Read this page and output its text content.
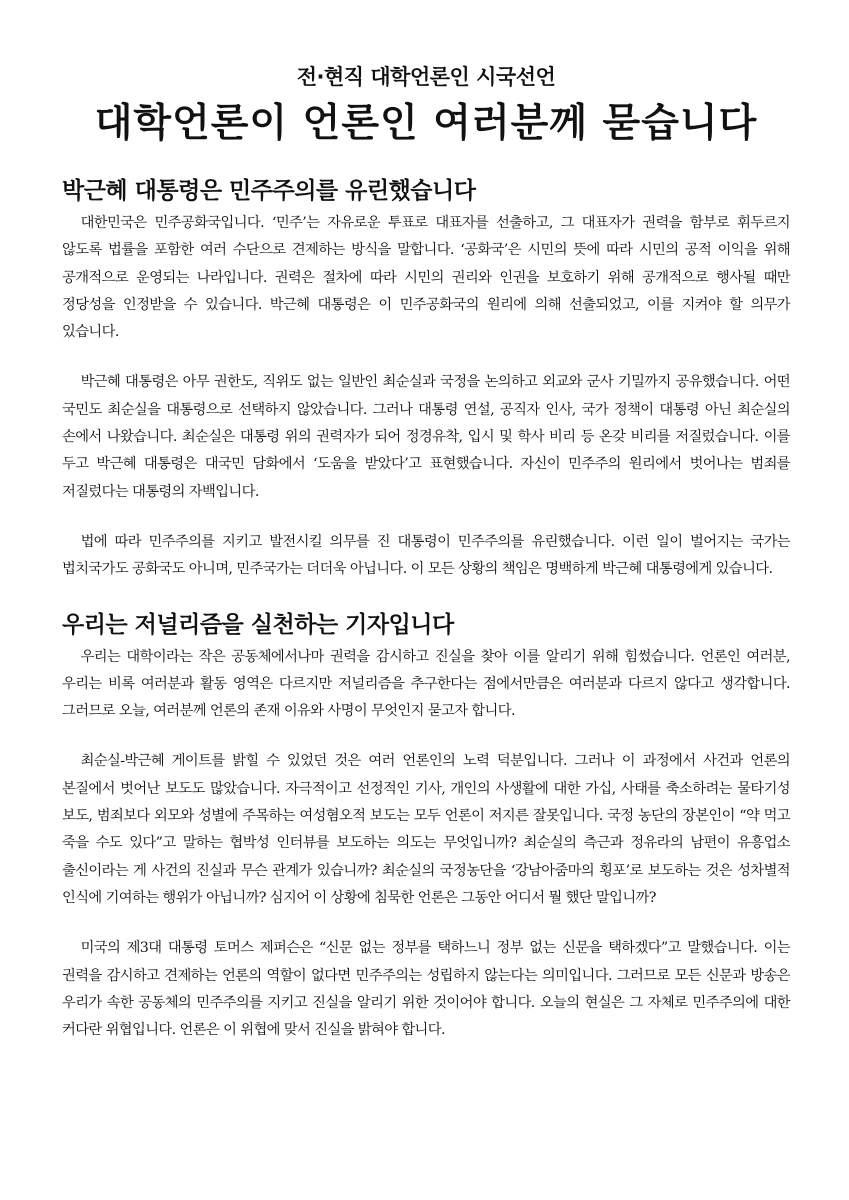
전·현직 대학언론인 시국선언
대학언론이 언론인 여러분께 묻습니다
박근혜 대통령은 민주주의를 유린했습니다

대한민국은 민주공화국입니다. ‘민주’는 자유로운 투표로 대표자를 선출하고, 그 대표자가 권력을 함부로 휘두르지 않도록 법률을 포함한 여러 수단으로 견제하는 방식을 말합니다. ‘공화국’은 시민의 뜻에 따라 시민의 공적 이익을 위해 공개적으로 운영되는 나라입니다. 권력은 절차에 따라 시민의 권리와 인권을 보호하기 위해 공개적으로 행사될 때만 정당성을 인정받을 수 있습니다. 박근혜 대통령은 이 민주공화국의 원리에 의해 선출되었고, 이를 지켜야 할 의무가 있습니다.

박근혜 대통령은 아무 권한도, 직위도 없는 일반인 최순실과 국정을 논의하고 외교와 군사 기밀까지 공유했습니다. 어떤 국민도 최순실을 대통령으로 선택하지 않았습니다. 그러나 대통령 연설, 공직자 인사, 국가 정책이 대통령 아닌 최순실의 손에서 나왔습니다. 최순실은 대통령 위의 권력자가 되어 정경유착, 입시 및 학사 비리 등 온갖 비리를 저질렀습니다. 이를 두고 박근혜 대통령은 대국민 담화에서 ‘도움을 받았다’고 표현했습니다. 자신이 민주주의 원리에서 벗어나는 범죄를 저질렀다는 대통령의 자백입니다.

법에 따라 민주주의를 지키고 발전시킬 의무를 진 대통령이 민주주의를 유린했습니다. 이런 일이 벌어지는 국가는 법치국가도 공화국도 아니며, 민주국가는 더더욱 아닙니다. 이 모든 상황의 책임은 명백하게 박근혜 대통령에게 있습니다.

우리는 저널리즘을 실천하는 기자입니다

우리는 대학이라는 작은 공동체에서나마 권력을 감시하고 진실을 찾아 이를 알리기 위해 힘썼습니다. 언론인 여러분, 우리는 비록 여러분과 활동 영역은 다르지만 저널리즘을 추구한다는 점에서만큼은 여러분과 다르지 않다고 생각합니다. 그러므로 오늘, 여러분께 언론의 존재 이유와 사명이 무엇인지 묻고자 합니다.

최순실-박근혜 게이트를 밝힐 수 있었던 것은 여러 언론인의 노력 덕분입니다. 그러나 이 과정에서 사건과 언론의 본질에서 벗어난 보도도 많았습니다. 자극적이고 선정적인 기사, 개인의 사생활에 대한 가십, 사태를 축소하려는 물타기성 보도, 범죄보다 외모와 성별에 주목하는 여성혐오적 보도는 모두 언론이 저지른 잘못입니다. 국정 농단의 장본인이 “약 먹고 죽을 수도 있다”고 말하는 협박성 인터뷰를 보도하는 의도는 무엇입니까? 최순실의 측근과 정유라의 남편이 유흥업소 출신이라는 게 사건의 진실과 무슨 관계가 있습니까? 최순실의 국정농단을 ‘강남아줌마의 횡포’로 보도하는 것은 성차별적 인식에 기여하는 행위가 아닙니까? 심지어 이 상황에 침묵한 언론은 그동안 어디서 뭘 했단 말입니까?

미국의 제3대 대통령 토머스 제퍼슨은 “신문 없는 정부를 택하느니 정부 없는 신문을 택하겠다”고 말했습니다. 이는 권력을 감시하고 견제하는 언론의 역할이 없다면 민주주의는 성립하지 않는다는 의미입니다. 그러므로 모든 신문과 방송은 우리가 속한 공동체의 민주주의를 지키고 진실을 알리기 위한 것이어야 합니다. 오늘의 현실은 그 자체로 민주주의에 대한 커다란 위협입니다. 언론은 이 위협에 맞서 진실을 밝혀야 합니다.
